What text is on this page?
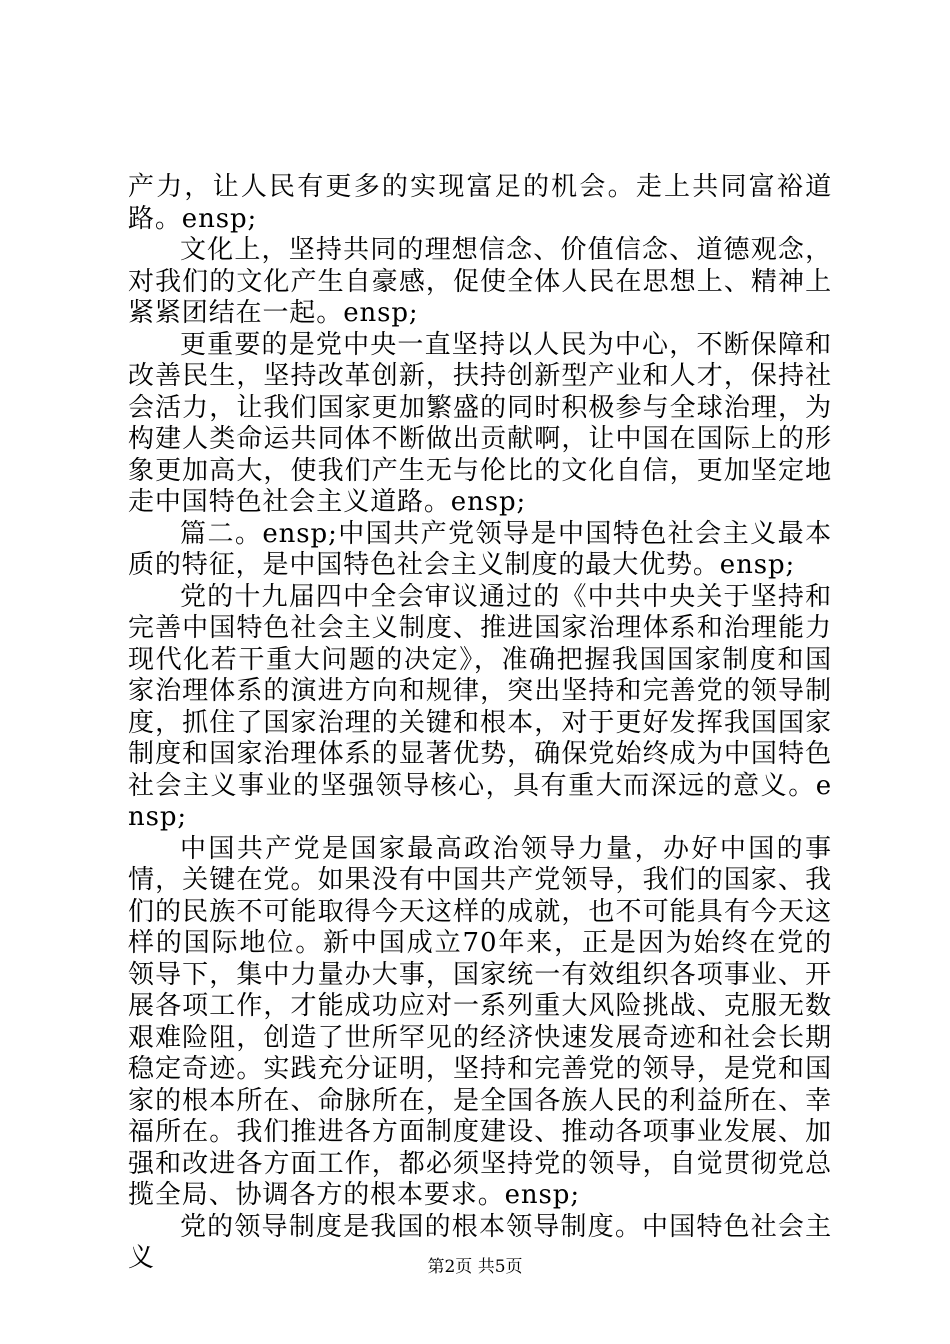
产力，让人民有更多的实现富足的机会。走上共同富裕道路。ensp;

文化上，坚持共同的理想信念、价值信念、道德观念，对我们的文化产生自豪感，促使全体人民在思想上、精神上紧紧团结在一起。ensp;

更重要的是党中央一直坚持以人民为中心，不断保障和改善民生，坚持改革创新，扶持创新型产业和人才，保持社会活力，让我们国家更加繁盛的同时积极参与全球治理，为构建人类命运共同体不断做出贡献啊，让中国在国际上的形象更加高大，使我们产生无与伦比的文化自信，更加坚定地走中国特色社会主义道路。ensp;

篇二。ensp;中国共产党领导是中国特色社会主义最本质的特征，是中国特色社会主义制度的最大优势。ensp;

党的十九届四中全会审议通过的《中共中央关于坚持和完善中国特色社会主义制度、推进国家治理体系和治理能力现代化若干重大问题的决定》，准确把握我国国家制度和国家治理体系的演进方向和规律，突出坚持和完善党的领导制度，抓住了国家治理的关键和根本，对于更好发挥我国国家制度和国家治理体系的显著优势，确保党始终成为中国特色社会主义事业的坚强领导核心，具有重大而深远的意义。ensp;

中国共产党是国家最高政治领导力量，办好中国的事情，关键在党。如果没有中国共产党领导，我们的国家、我们的民族不可能取得今天这样的成就，也不可能具有今天这样的国际地位。新中国成立70年来，正是因为始终在党的领导下，集中力量办大事，国家统一有效组织各项事业、开展各项工作，才能成功应对一系列重大风险挑战、克服无数艰难险阻，创造了世所罕见的经济快速发展奇迹和社会长期稳定奇迹。实践充分证明，坚持和完善党的领导，是党和国家的根本所在、命脉所在，是全国各族人民的利益所在、幸福所在。我们推进各方面制度建设、推动各项事业发展、加强和改进各方面工作，都必须坚持党的领导，自觉贯彻党总揽全局、协调各方的根本要求。ensp;

党的领导制度是我国的根本领导制度。中国特色社会主义	第2页 共5页
